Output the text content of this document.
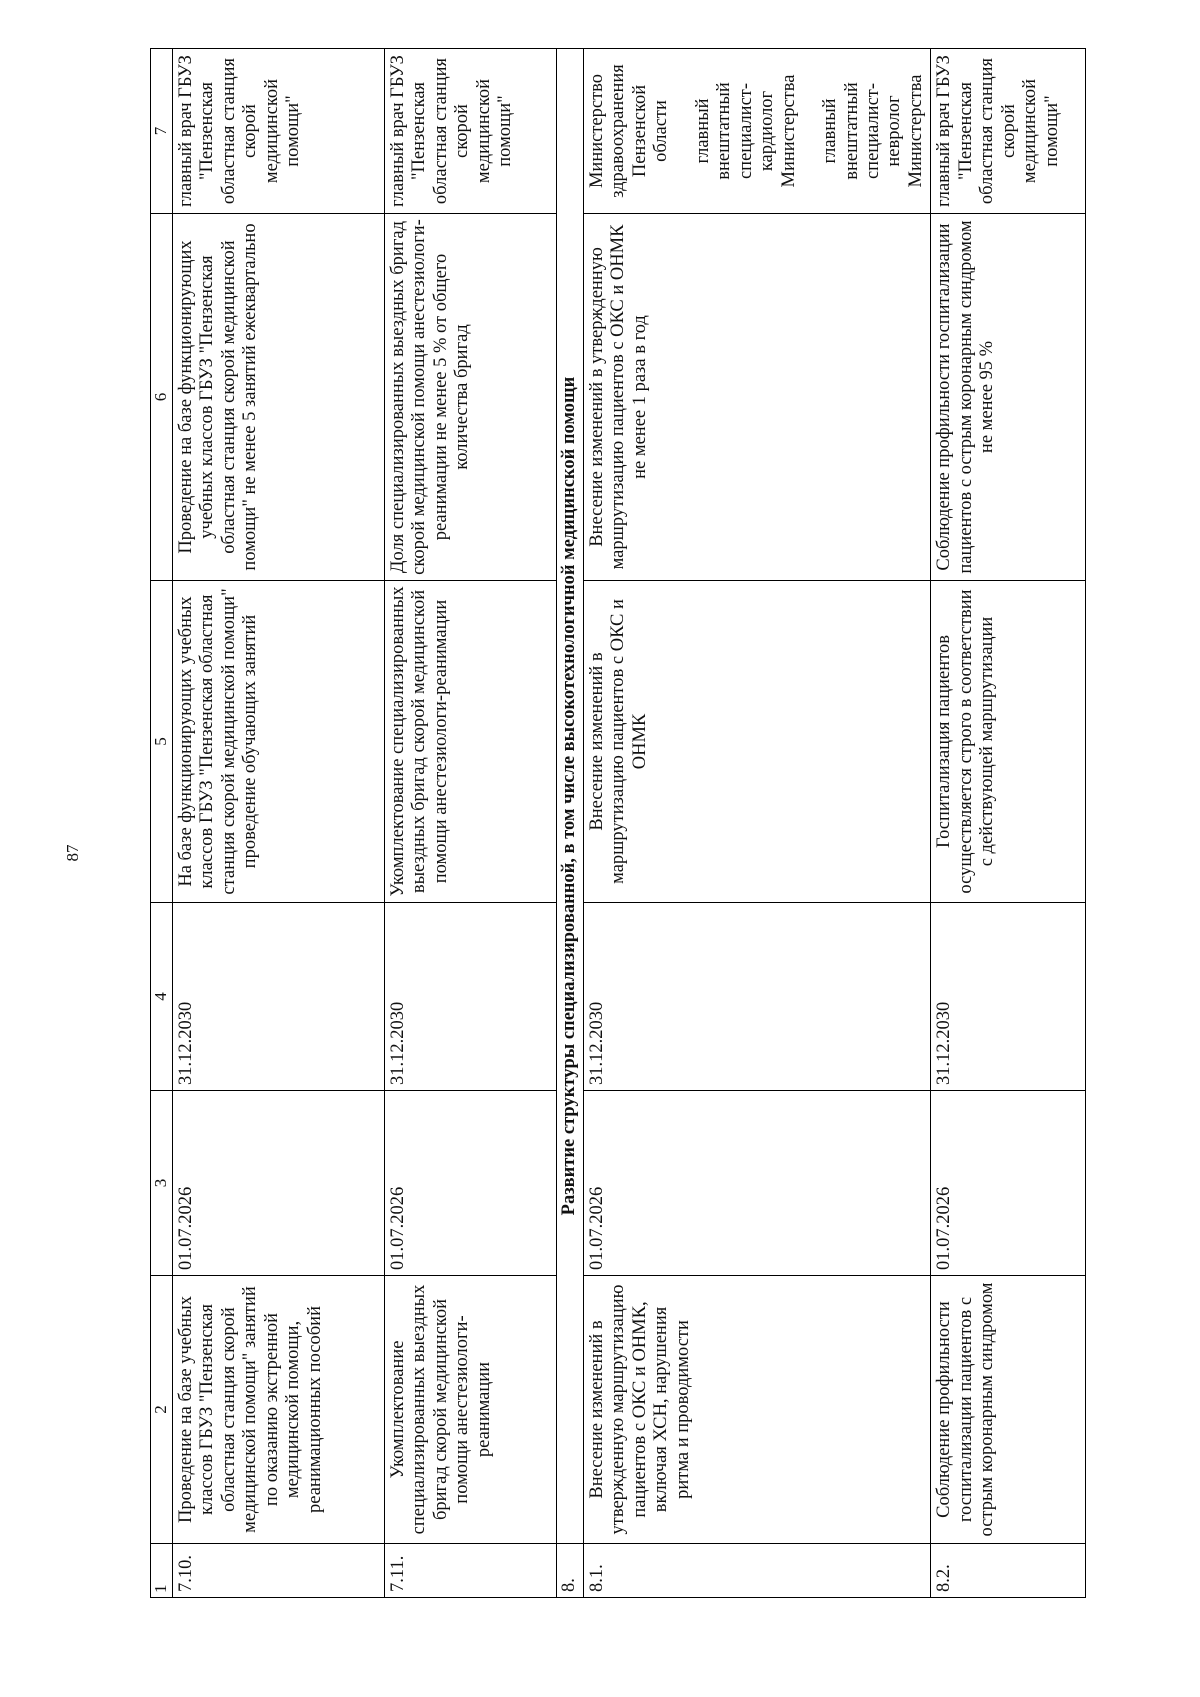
87
1	2	3	4	5	6	7
7.10.	Проведение на базе учебных классов ГБУЗ "Пензенская областная станция скорой медицинской помощи" занятий по оказанию экстренной медицинской помощи, реанимационных пособий	01.07.2026	31.12.2030	На базе функционирующих учебных классов ГБУЗ "Пензенская областная станция скорой медицинской помощи" проведение обучающих занятий	Проведение на базе функционирующих учебных классов ГБУЗ "Пензенская областная станция скорой медицинской помощи" не менее 5 занятий ежеквартально	главный врач ГБУЗ "Пензенская областная станция скорой медицинской помощи"

7.11.	Укомплектование специализированных выездных бригад скорой медицинской помощи анестезиологи-реанимации	01.07.2026	31.12.2030	Укомплектование специализированных выездных бригад скорой медицинской помощи анестезиологи-реанимации	Доля специализированных выездных бригад скорой медицинской помощи анестезиологи-реанимации не менее 5 % от общего количества бригад	главный врач ГБУЗ "Пензенская областная станция скорой медицинской помощи"

8.	Развитие структуры специализированной, в том числе высокотехнологичной медицинской помощи					
8.1.	Внесение изменений в утвержденную маршрутизацию пациентов с ОКС и ОНМК, включая ХСН, нарушения ритма и проводимости	01.07.2026	31.12.2030	Внесение изменений в маршрутизацию пациентов с ОКС и ОНМК	Внесение изменений в утвержденную маршрутизацию пациентов с ОКС и ОНМК не менее 1 раза в год	Министерство здравоохранения Пензенской области главный внештатный специалист-кардиолог Министерства главный внештатный специалист-невролог Министерства

8.2.	Соблюдение профильности госпитализации пациентов с острым коронарным синдромом	01.07.2026	31.12.2030	Госпитализация пациентов осуществляется строго в соответствии с действующей маршрутизации	Соблюдение профильности госпитализации пациентов с острым коронарным синдромом не менее 95 %	главный врач ГБУЗ "Пензенская областная станция скорой медицинской помощи"
